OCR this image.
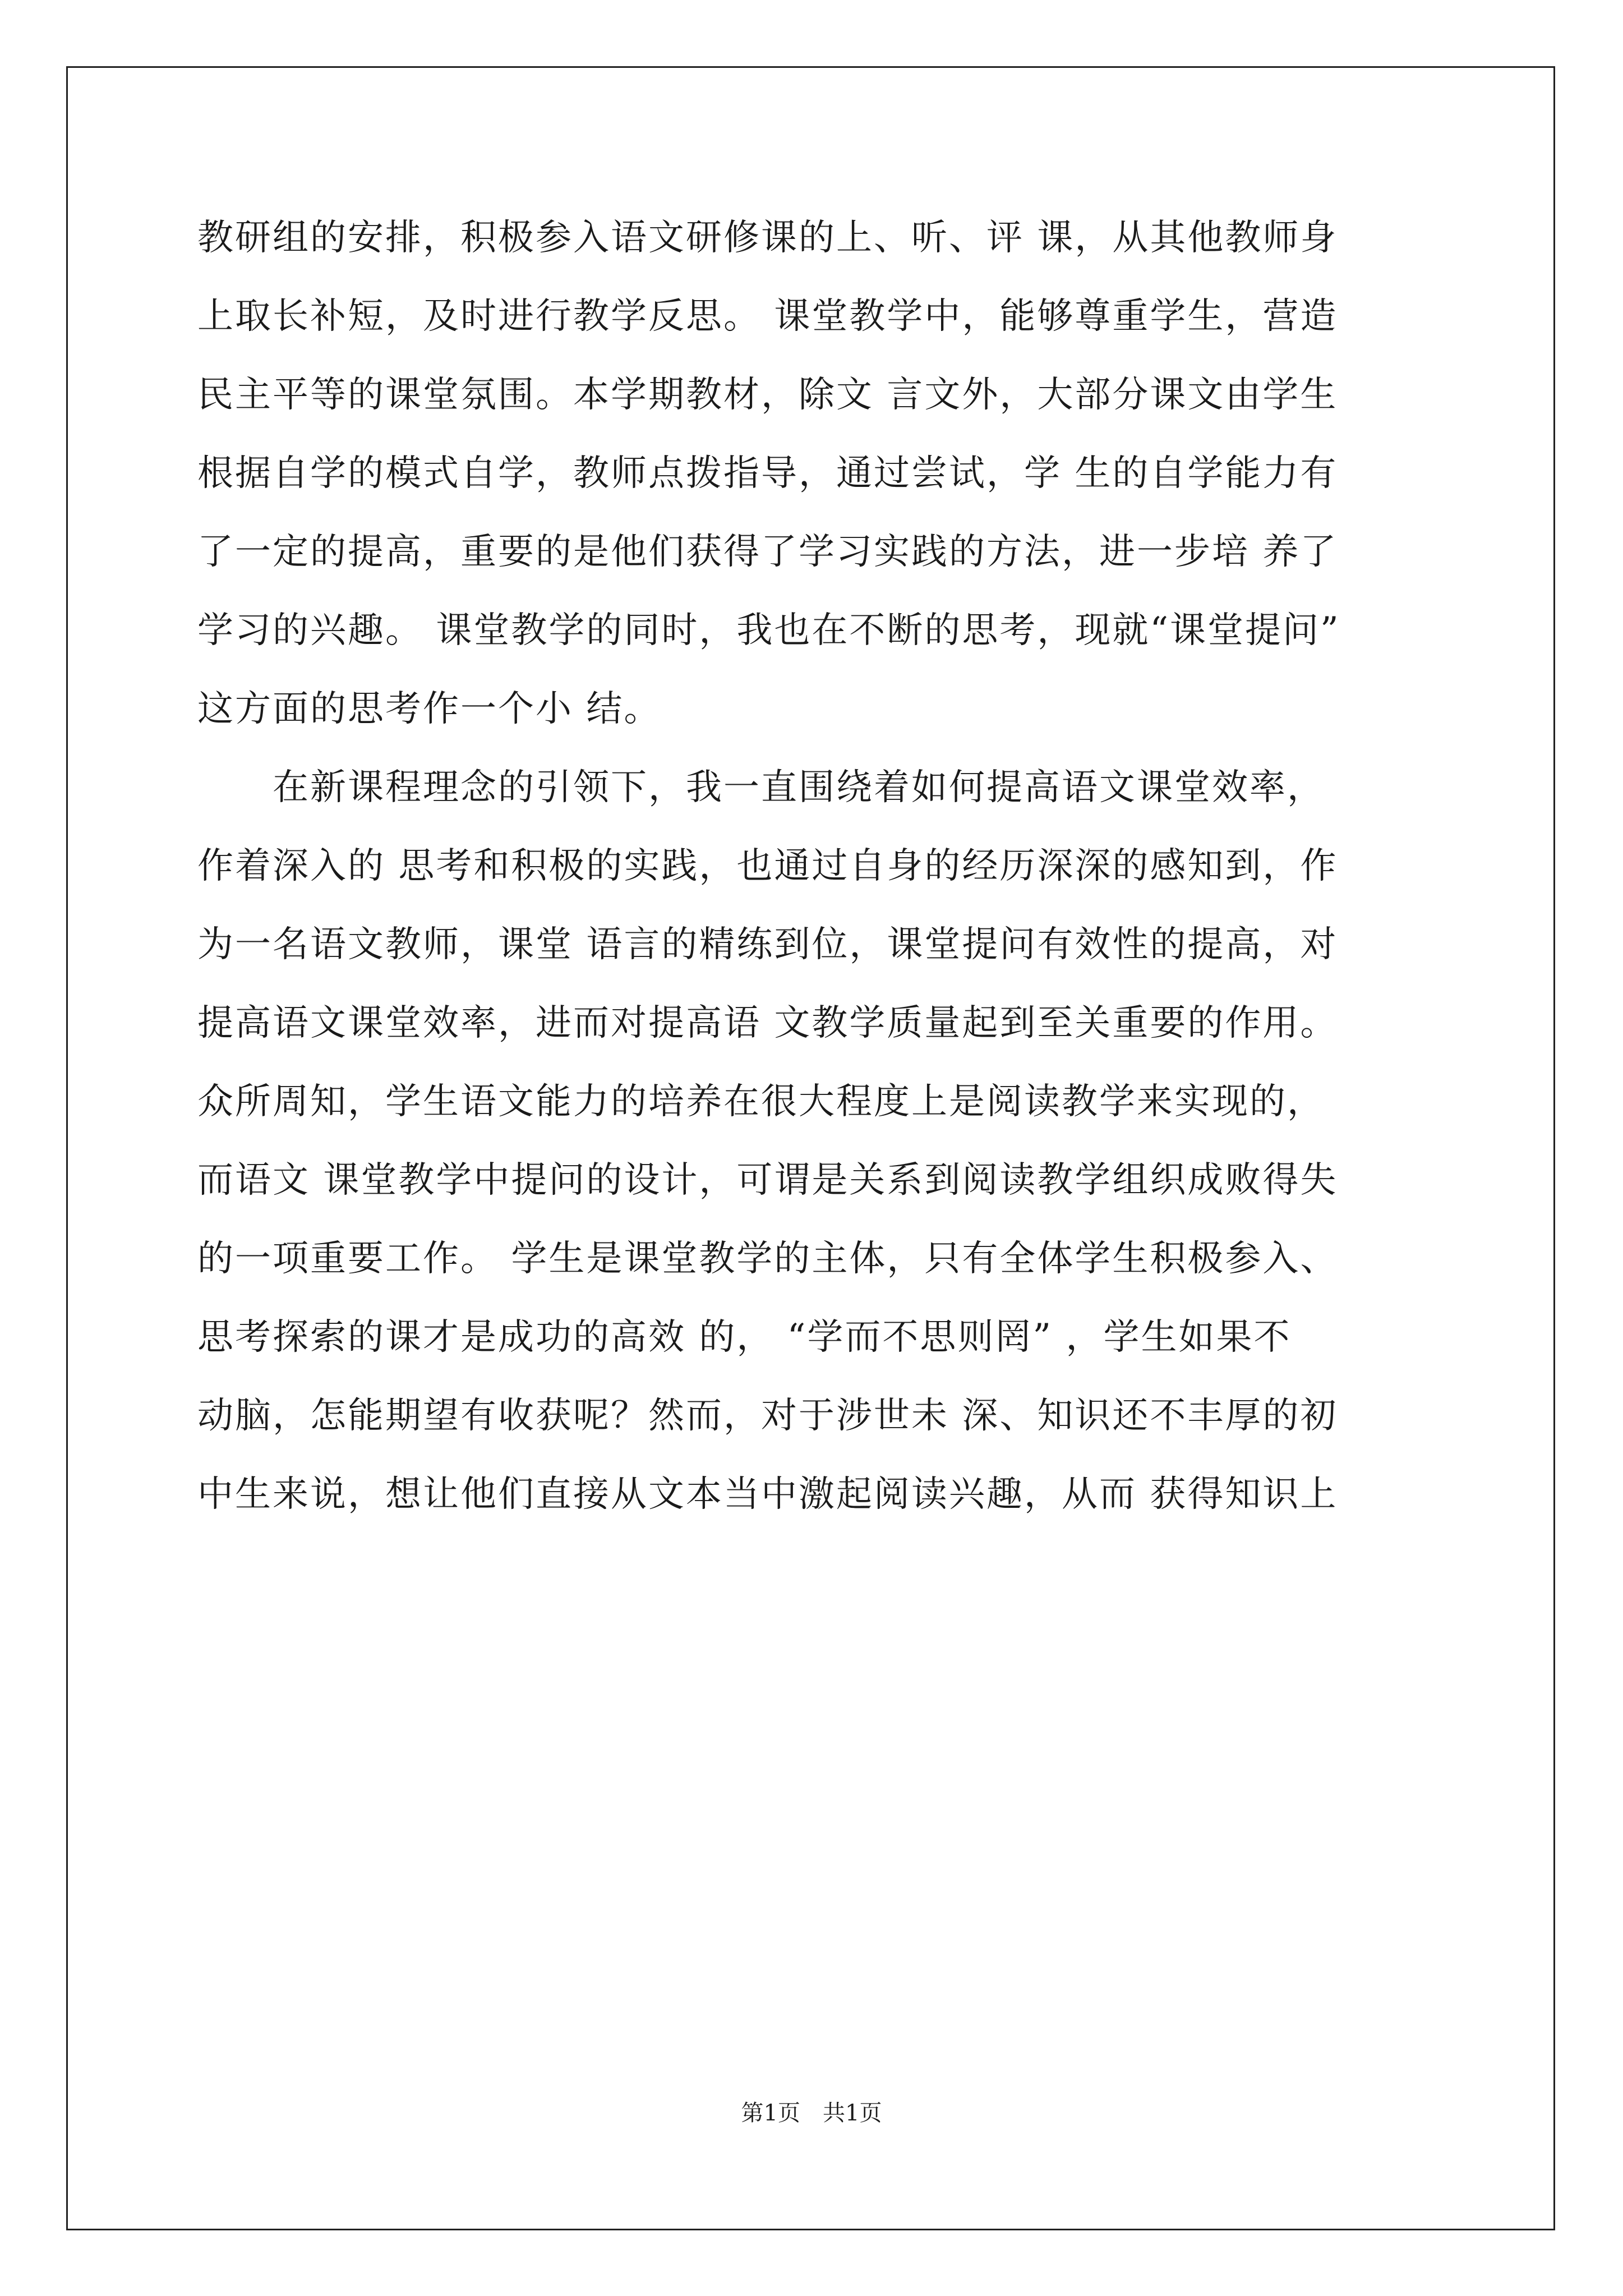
教研组的安排，积极参入语文研修课的上、听、评 课，从其他教师身
上取长补短，及时进行教学反思。 课堂教学中，能够尊重学生，营造
民主平等的课堂氛围。本学期教材，除文 言文外，大部分课文由学生
根据自学的模式自学，教师点拨指导，通过尝试，学 生的自学能力有
了一定的提高，重要的是他们获得了学习实践的方法，进一步培 养了
学习的兴趣。 课堂教学的同时，我也在不断的思考，现就“课堂提问”
这方面的思考作一个小 结。
　　在新课程理念的引领下，我一直围绕着如何提高语文课堂效率，
作着深入的 思考和积极的实践，也通过自身的经历深深的感知到，作
为一名语文教师，课堂 语言的精练到位，课堂提问有效性的提高，对
提高语文课堂效率，进而对提高语 文教学质量起到至关重要的作用。
众所周知，学生语文能力的培养在很大程度上是阅读教学来实现的，
而语文 课堂教学中提问的设计，可谓是关系到阅读教学组织成败得失
的一项重要工作。 学生是课堂教学的主体，只有全体学生积极参入、
思考探索的课才是成功的高效 的， “学而不思则罔” ，学生如果不
动脑，怎能期望有收获呢？然而，对于涉世未 深、知识还不丰厚的初
中生来说，想让他们直接从文本当中激起阅读兴趣，从而 获得知识上
第1页　共1页
